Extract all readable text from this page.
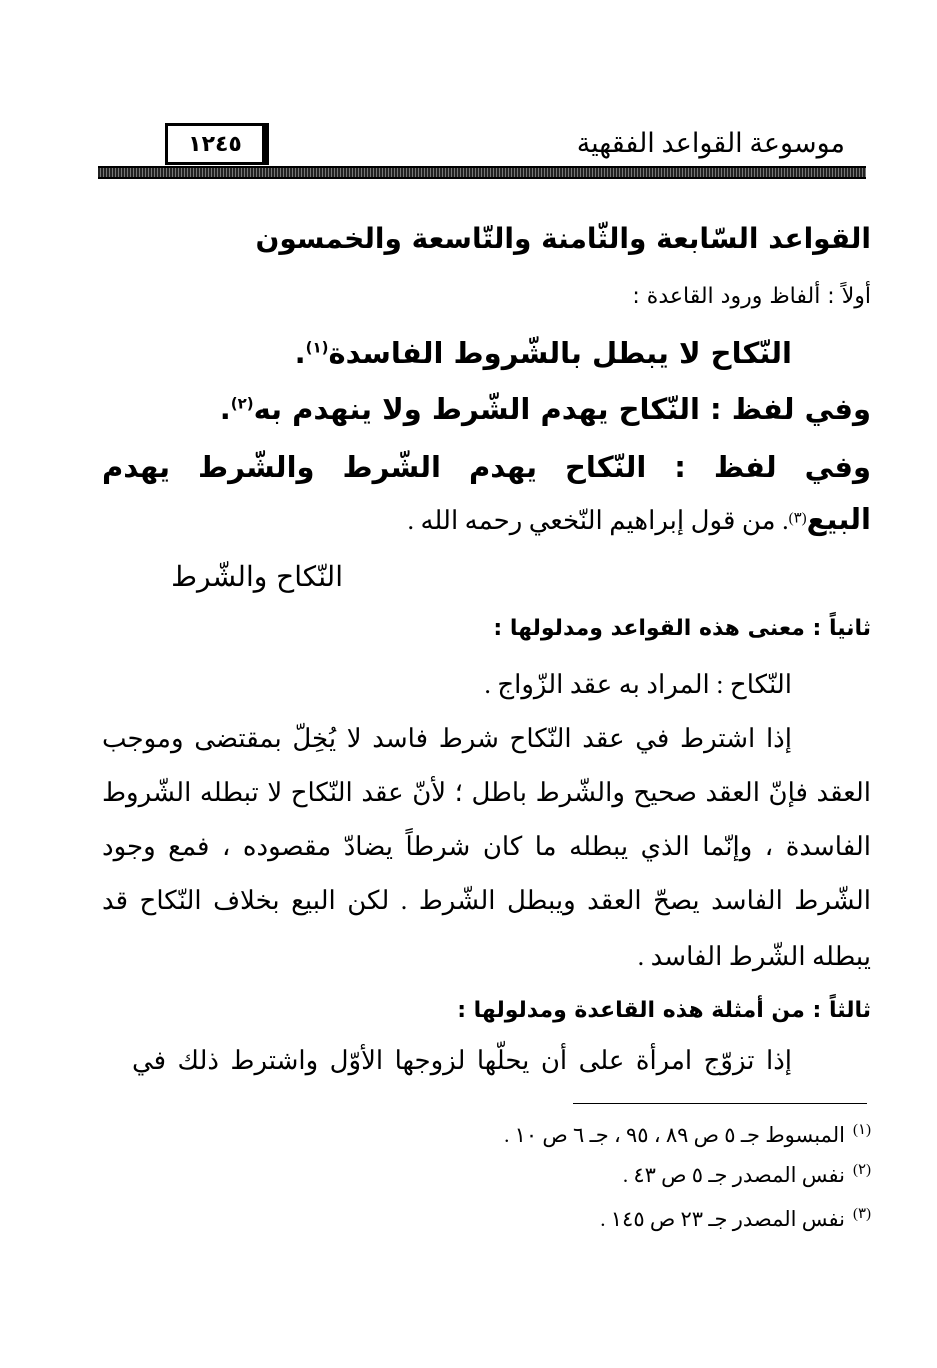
موسوعة القواعد الفقهية
١٢٤٥
القواعد السّابعة والثّامنة والتّاسعة والخمسون
أولاً : ألفاظ ورود القاعدة :
النّكاح لا يبطل بالشّروط الفاسدة$^{(١)}$.
وفي لفظ : النّكاح يهدم الشّرط ولا ينهدم به$^{(٢)}$.
وفي لفظ : النّكاح يهدم الشّرط والشّرط يهدم
البيع$^{(٣)}$. من قول إبراهيم النّخعي رحمه الله .
النّكاح والشّرط
ثانياً : معنى هذه القواعد ومدلولها :
النّكاح : المراد به عقد الزّواج .
إذا اشترط في عقد النّكاح شرط فاسد لا يُخِلّ بمقتضى وموجب
العقد فإنّ العقد صحيح والشّرط باطل ؛ لأنّ عقد النّكاح لا تبطله الشّروط
الفاسدة ، وإنّما الذي يبطله ما كان شرطاً يضادّ مقصوده ، فمع وجود
الشّرط الفاسد يصحّ العقد ويبطل الشّرط . لكن البيع بخلاف النّكاح قد
يبطله الشّرط الفاسد .
ثالثاً : من أمثلة هذه القاعدة ومدلولها :
إذا تزوّج امرأة على أن يحلّها لزوجها الأوّل واشترط ذلك في
$^{(١)}$المبسوط جـ ٥ ص ٨٩ ، ٩٥ ، جـ ٦ ص ١٠ .
$^{(٢)}$نفس المصدر جـ ٥ ص ٤٣ .
$^{(٣)}$نفس المصدر جـ ٢٣ ص ١٤٥ .
